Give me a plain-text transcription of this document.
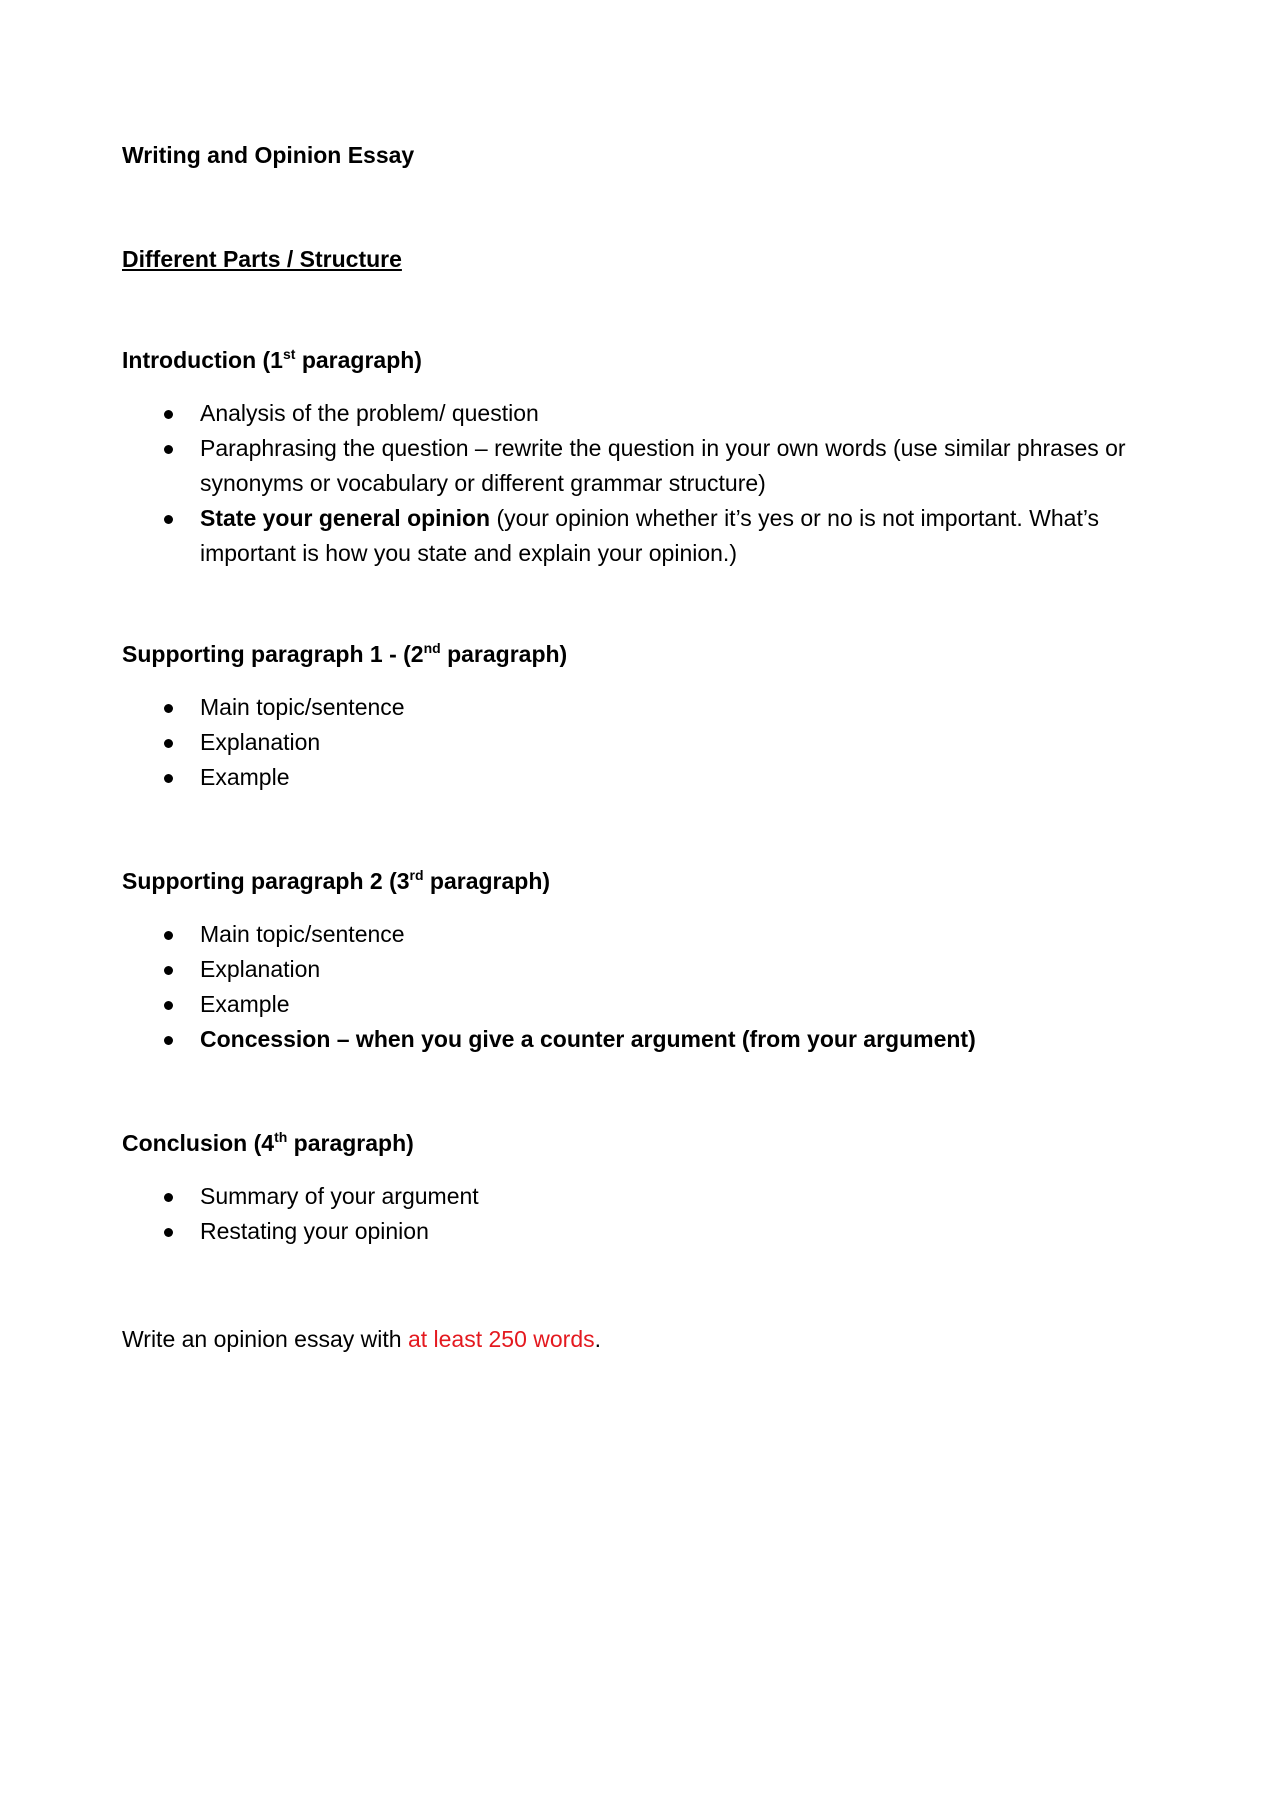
Writing and Opinion Essay
Different Parts / Structure
Introduction (1st paragraph)
Analysis of the problem/ question
Paraphrasing the question – rewrite the question in your own words (use similar phrases or synonyms or vocabulary or different grammar structure)
State your general opinion (your opinion whether it’s yes or no is not important. What’s important is how you state and explain your opinion.)
Supporting paragraph 1 - (2nd paragraph)
Main topic/sentence
Explanation
Example
Supporting paragraph 2 (3rd paragraph)
Main topic/sentence
Explanation
Example
Concession – when you give a counter argument (from your argument)
Conclusion (4th paragraph)
Summary of your argument
Restating your opinion
Write an opinion essay with at least 250 words.
